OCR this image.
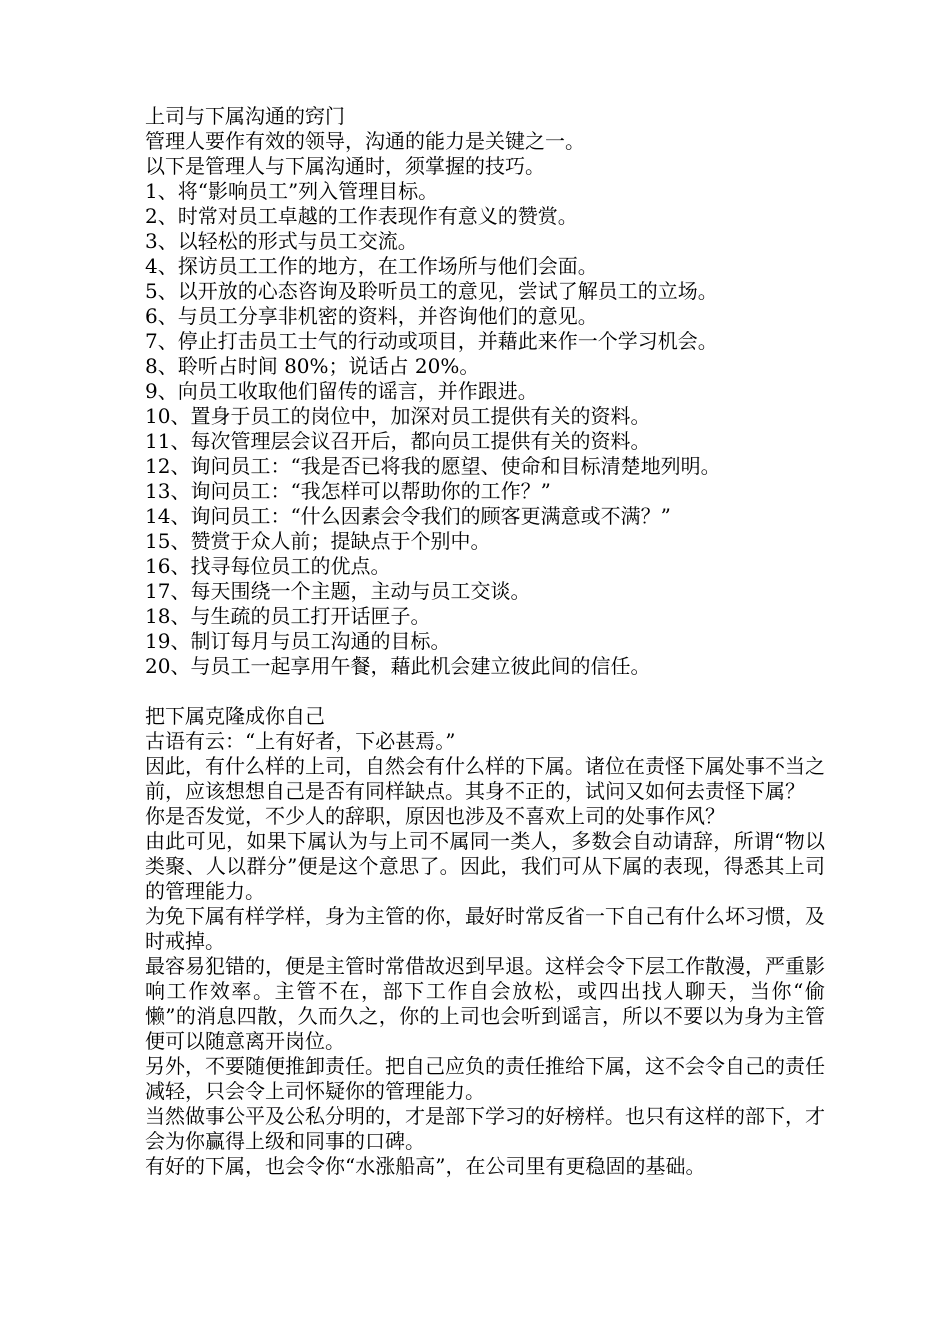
上司与下属沟通的窍门

管理人要作有效的领导，沟通的能力是关键之一。

以下是管理人与下属沟通时，须掌握的技巧。

1、将“影响员工”列入管理目标。
2、时常对员工卓越的工作表现作有意义的赞赏。
3、以轻松的形式与员工交流。
4、探访员工工作的地方，在工作场所与他们会面。
5、以开放的心态咨询及聆听员工的意见，尝试了解员工的立场。
6、与员工分享非机密的资料，并咨询他们的意见。
7、停止打击员工士气的行动或项目，并藉此来作一个学习机会。
8、聆听占时间 80%；说话占 20%。
9、向员工收取他们留传的谣言，并作跟进。
10、置身于员工的岗位中，加深对员工提供有关的资料。
11、每次管理层会议召开后，都向员工提供有关的资料。
12、询问员工：“我是否已将我的愿望、使命和目标清楚地列明。
13、询问员工：“我怎样可以帮助你的工作？”
14、询问员工：“什么因素会令我们的顾客更满意或不满？”
15、赞赏于众人前；提缺点于个别中。
16、找寻每位员工的优点。
17、每天围绕一个主题，主动与员工交谈。
18、与生疏的员工打开话匣子。
19、制订每月与员工沟通的目标。
20、与员工一起享用午餐，藉此机会建立彼此间的信任。

把下属克隆成你自己

古语有云：“上有好者，下必甚焉。”

因此，有什么样的上司，自然会有什么样的下属。诸位在责怪下属处事不当之前，应该想想自己是否有同样缺点。其身不正的，试问又如何去责怪下属？

你是否发觉，不少人的辞职，原因也涉及不喜欢上司的处事作风？

由此可见，如果下属认为与上司不属同一类人，多数会自动请辞，所谓“物以类聚、人以群分”便是这个意思了。因此，我们可从下属的表现，得悉其上司的管理能力。

为免下属有样学样，身为主管的你，最好时常反省一下自己有什么坏习惯，及时戒掉。

最容易犯错的，便是主管时常借故迟到早退。这样会令下层工作散漫，严重影响工作效率。主管不在，部下工作自会放松，或四出找人聊天，当你“偷懒”的消息四散，久而久之，你的上司也会听到谣言，所以不要以为身为主管便可以随意离开岗位。

另外，不要随便推卸责任。把自己应负的责任推给下属，这不会令自己的责任减轻，只会令上司怀疑你的管理能力。

当然做事公平及公私分明的，才是部下学习的好榜样。也只有这样的部下，才会为你赢得上级和同事的口碑。

有好的下属，也会令你“水涨船高”，在公司里有更稳固的基础。
